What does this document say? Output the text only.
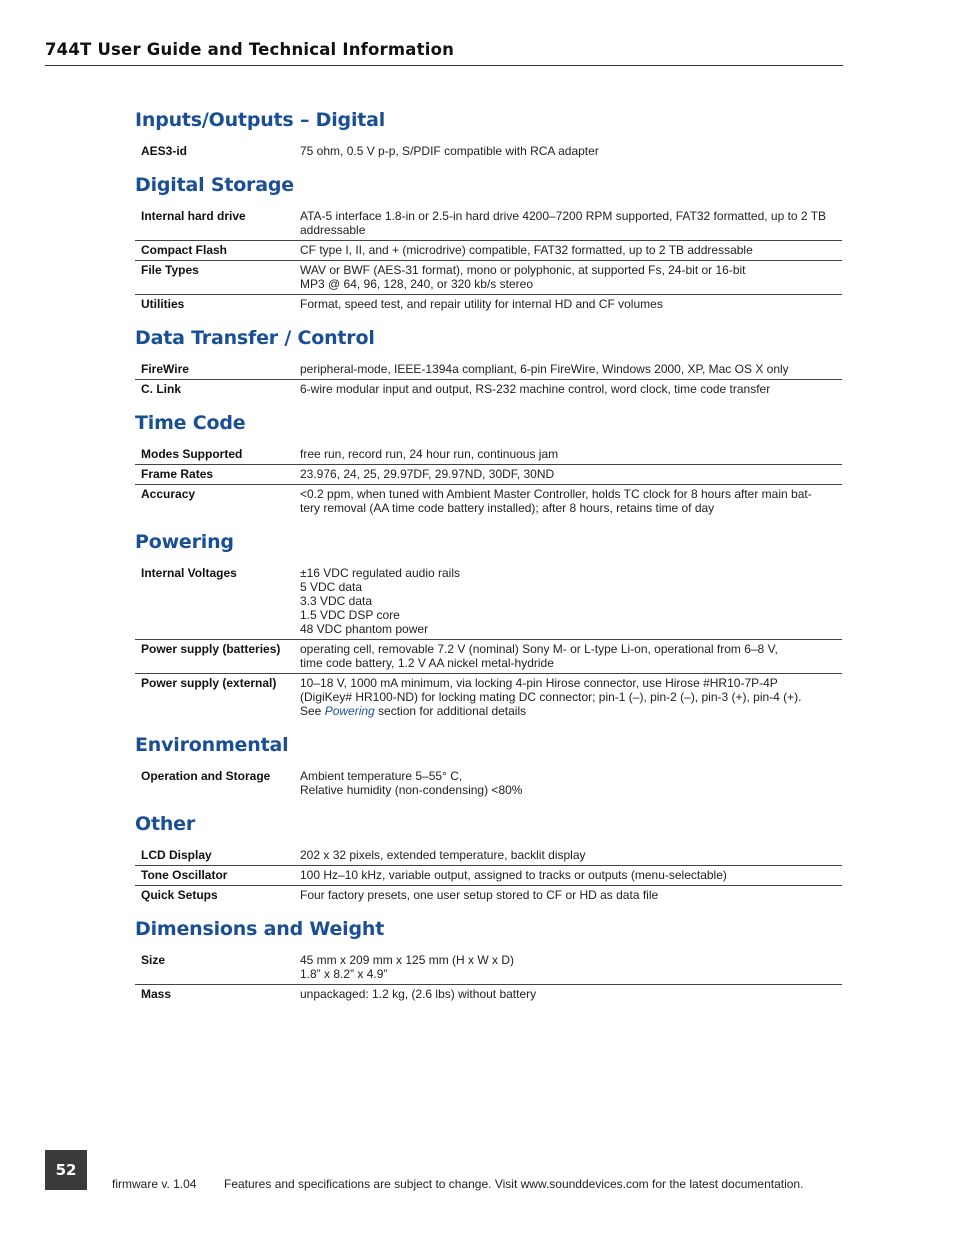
744T User Guide and Technical Information
Inputs/Outputs – Digital
AES3-id	75 ohm, 0.5 V p-p, S/PDIF compatible with RCA adapter
Digital Storage
Internal hard drive	ATA-5 interface 1.8-in or 2.5-in hard drive 4200–7200 RPM supported, FAT32 formatted, up to 2 TB addressable
Compact Flash	CF type I, II, and + (microdrive) compatible, FAT32 formatted, up to 2 TB addressable
File Types	WAV or BWF (AES-31 format), mono or polyphonic, at supported Fs, 24-bit or 16-bit
MP3 @ 64, 96, 128, 240, or 320 kb/s stereo
Utilities	Format, speed test, and repair utility for internal HD and CF volumes
Data Transfer / Control
FireWire	peripheral-mode, IEEE-1394a compliant, 6-pin FireWire, Windows 2000, XP, Mac OS X only
C. Link	6-wire modular input and output, RS-232 machine control, word clock, time code transfer
Time Code
Modes Supported	free run, record run, 24 hour run, continuous jam
Frame Rates	23.976, 24, 25, 29.97DF, 29.97ND, 30DF, 30ND
Accuracy	<0.2 ppm, when tuned with Ambient Master Controller, holds TC clock for 8 hours after main bat-
tery removal (AA time code battery installed); after 8 hours, retains time of day
Powering
Internal Voltages	±16 VDC regulated audio rails
5 VDC data
3.3 VDC data
1.5 VDC DSP core
48 VDC phantom power
Power supply (batteries)	operating cell, removable 7.2 V (nominal) Sony M- or L-type Li-on, operational from 6–8 V,
time code battery, 1.2 V AA nickel metal-hydride
Power supply (external)	10–18 V, 1000 mA minimum, via locking 4-pin Hirose connector, use Hirose #HR10-7P-4P
(DigiKey# HR100-ND) for locking mating DC connector; pin-1 (–), pin-2 (–), pin-3 (+), pin-4 (+).
See Powering section for additional details
Environmental
Operation and Storage	Ambient temperature 5–55° C,
Relative humidity (non-condensing) <80%
Other
LCD Display	202 x 32 pixels, extended temperature, backlit display
Tone Oscillator	100 Hz–10 kHz, variable output, assigned to tracks or outputs (menu-selectable)
Quick Setups	Four factory presets, one user setup stored to CF or HD as data file
Dimensions and Weight
Size	45 mm x 209 mm x 125 mm (H x W x D)
1.8” x 8.2” x 4.9”
Mass	unpackaged: 1.2 kg, (2.6 lbs) without battery
52
firmware v. 1.04 Features and specifications are subject to change. Visit www.sounddevices.com for the latest documentation.
